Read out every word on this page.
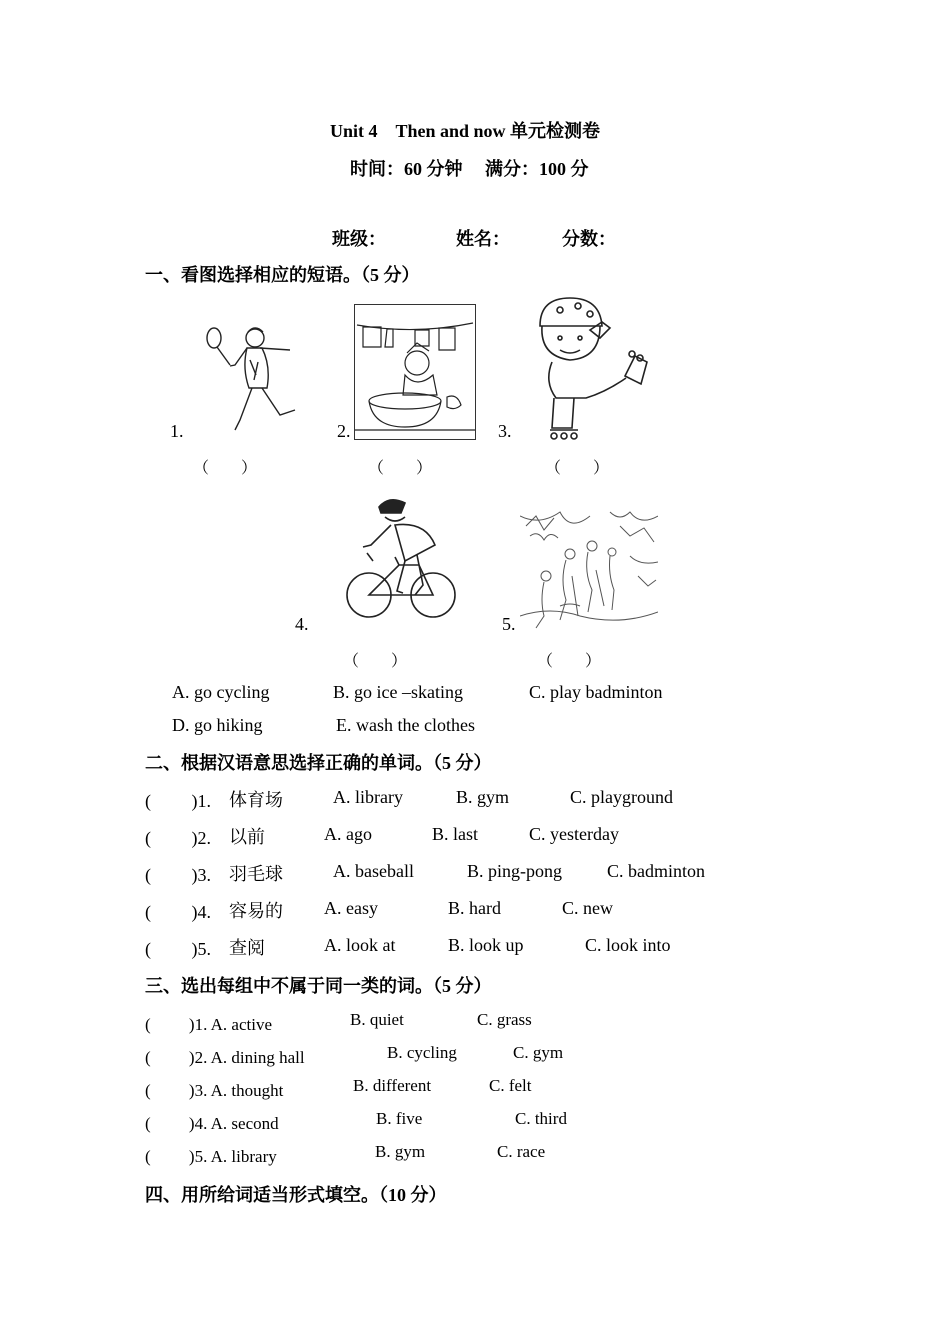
Unit 4　Then and now 单元检测卷
时间：60 分钟　 满分：100 分
班级：	姓名：	分数：
一、看图选择相应的短语。（5 分）
1.
（　　）
2.
（　　）
3.
（　　）
4.
（　　）
5.
（　　）
A. go cycling	B. go ice –skating	C. play badminton
D. go hiking	E. wash the clothes
二、根据汉语意思选择正确的单词。（5 分）
(　　 )1. 体育场	A. library	B. gym	C. playground
(　　 )2. 以前	A. ago	B. last	C. yesterday
(　　 )3. 羽毛球	A. baseball	B. ping-pong C. badminton
(　　 )4. 容易的 A. easy	B. hard	C. new
(　　 )5. 查阅	A. look at	B. look up	C. look into
三、选出每组中不属于同一类的词。（5 分）
(　　 )1. A. active	B. quiet	C. grass
(　　 )2. A. dining hall	B. cycling	C. gym
(　　 )3. A. thought	B. different	C. felt
(　　 )4. A. second	B. five	C. third
(　　 )5. A. library	B. gym	C. race
四、用所给词适当形式填空。（10 分）
